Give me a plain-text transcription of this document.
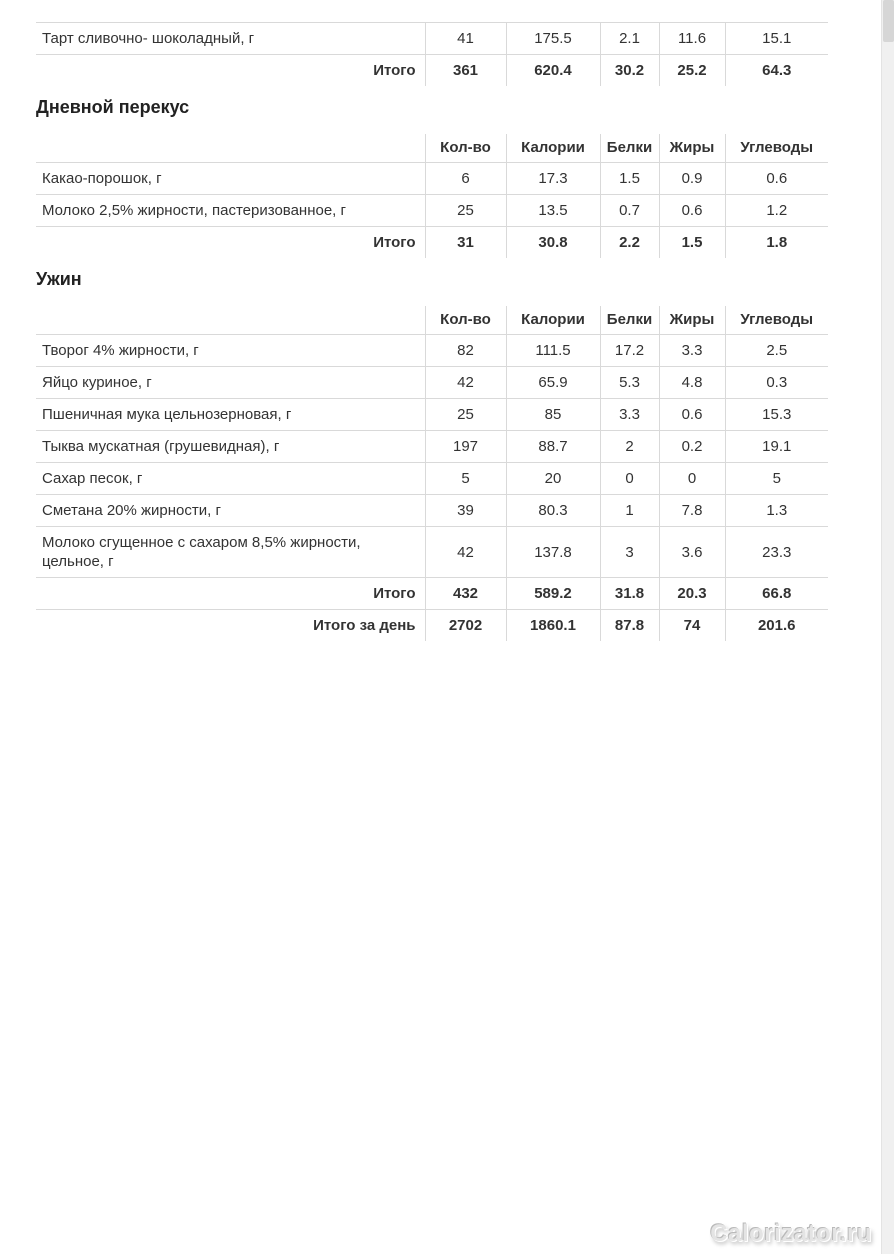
Тарт сливочно- шоколадный, г	41	175.5	2.1	11.6	15.1
Итого	361	620.4	30.2	25.2	64.3
Дневной перекус
	Кол-во	Калории	Белки	Жиры	Углеводы
Какао-порошок, г	6	17.3	1.5	0.9	0.6
Молоко 2,5% жирности, пастеризованное, г	25	13.5	0.7	0.6	1.2
Итого	31	30.8	2.2	1.5	1.8
Ужин
	Кол-во	Калории	Белки	Жиры	Углеводы
Творог 4% жирности, г	82	111.5	17.2	3.3	2.5
Яйцо куриное, г	42	65.9	5.3	4.8	0.3
Пшеничная мука цельнозерновая, г	25	85	3.3	0.6	15.3
Тыква мускатная (грушевидная), г	197	88.7	2	0.2	19.1
Сахар песок, г	5	20	0	0	5
Сметана 20% жирности, г	39	80.3	1	7.8	1.3
Молоко сгущенное с сахаром 8,5% жирности, цельное, г	42	137.8	3	3.6	23.3
Итого	432	589.2	31.8	20.3	66.8
Итого за день	2702	1860.1	87.8	74	201.6
Calorizator.ru
